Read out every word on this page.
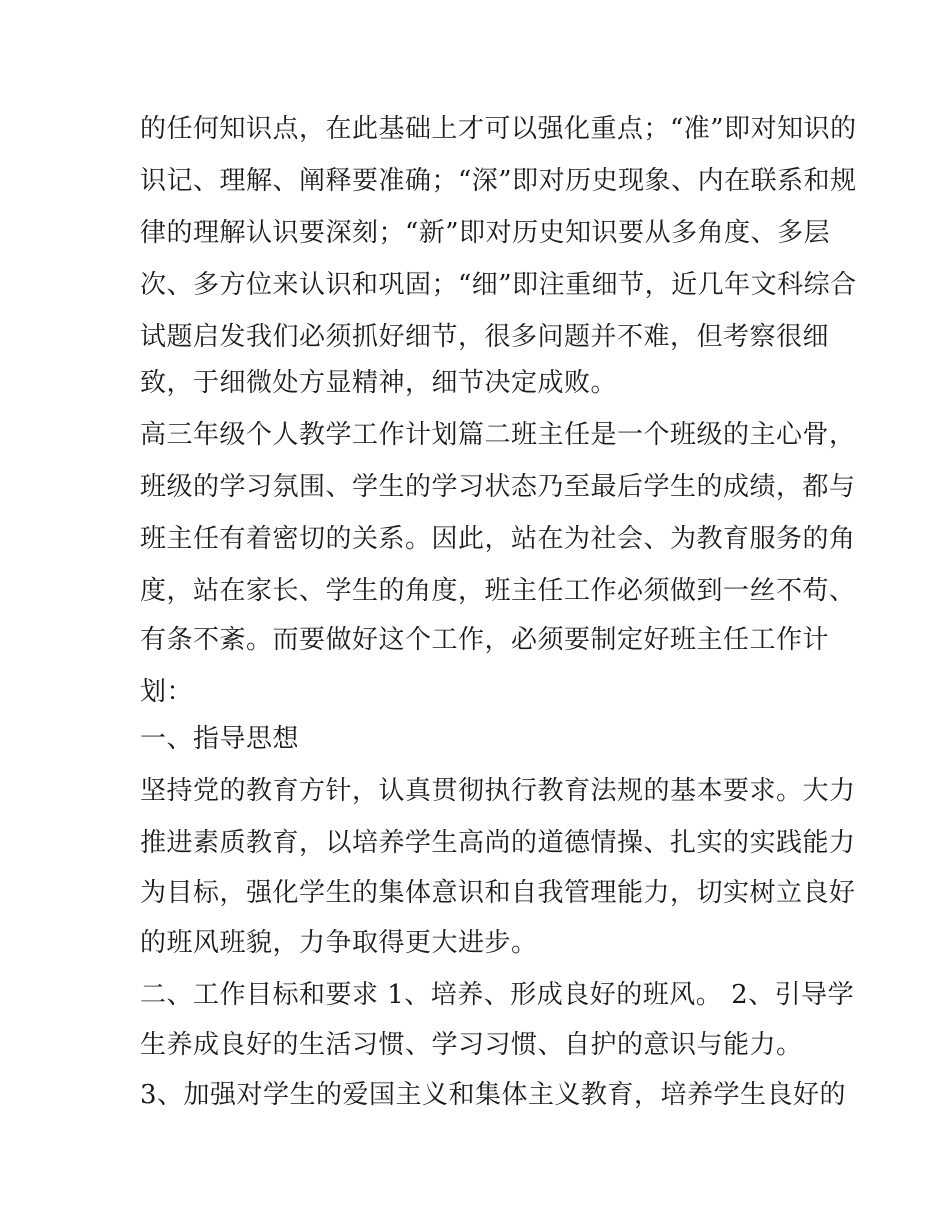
的任何知识点，在此基础上才可以强化重点；“准”即对知识的
识记、理解、阐释要准确；“深”即对历史现象、内在联系和规
律的理解认识要深刻；“新”即对历史知识要从多角度、多层
次、多方位来认识和巩固；“细”即注重细节，近几年文科综合
试题启发我们必须抓好细节，很多问题并不难，但考察很细
致，于细微处方显精神，细节决定成败。
高三年级个人教学工作计划篇二班主任是一个班级的主心骨，
班级的学习氛围、学生的学习状态乃至最后学生的成绩，都与
班主任有着密切的关系。因此，站在为社会、为教育服务的角
度，站在家长、学生的角度，班主任工作必须做到一丝不苟、
有条不紊。而要做好这个工作，必须要制定好班主任工作计
划：
一、指导思想
坚持党的教育方针，认真贯彻执行教育法规的基本要求。大力
推进素质教育，以培养学生高尚的道德情操、扎实的实践能力
为目标，强化学生的集体意识和自我管理能力，切实树立良好
的班风班貌，力争取得更大进步。
二、工作目标和要求 1、培养、形成良好的班风。 2、引导学
生养成良好的生活习惯、学习习惯、自护的意识与能力。
3、加强对学生的爱国主义和集体主义教育，培养学生良好的
